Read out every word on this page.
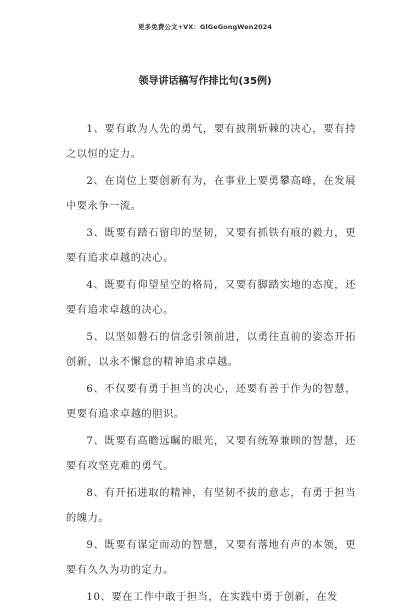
更多免费公文+VX：GlGeGongWen2024
领导讲话稿写作排比句(35例)

1、要有敢为人先的勇气，要有披荆斩棘的决心，要有持之以恒的定力。

2、在岗位上要创新有为，在事业上要勇攀高峰，在发展中要永争一流。

3、既要有踏石留印的坚韧，又要有抓铁有痕的毅力，更要有追求卓越的决心。

4、既要有仰望星空的格局，又要有脚踏实地的态度，还要有追求卓越的决心。

5、以坚如磐石的信念引领前进，以勇往直前的姿态开拓创新，以永不懈怠的精神追求卓越。

6、不仅要有勇于担当的决心，还要有善于作为的智慧，更要有追求卓越的胆识。

7、既要有高瞻远瞩的眼光，又要有统筹兼顾的智慧，还要有攻坚克难的勇气。

8、有开拓进取的精神，有坚韧不拔的意志，有勇于担当的魄力。

9、既要有谋定而动的智慧，又要有落地有声的本领，更要有久久为功的定力。

10、要在工作中敢于担当，在实践中勇于创新，在发
